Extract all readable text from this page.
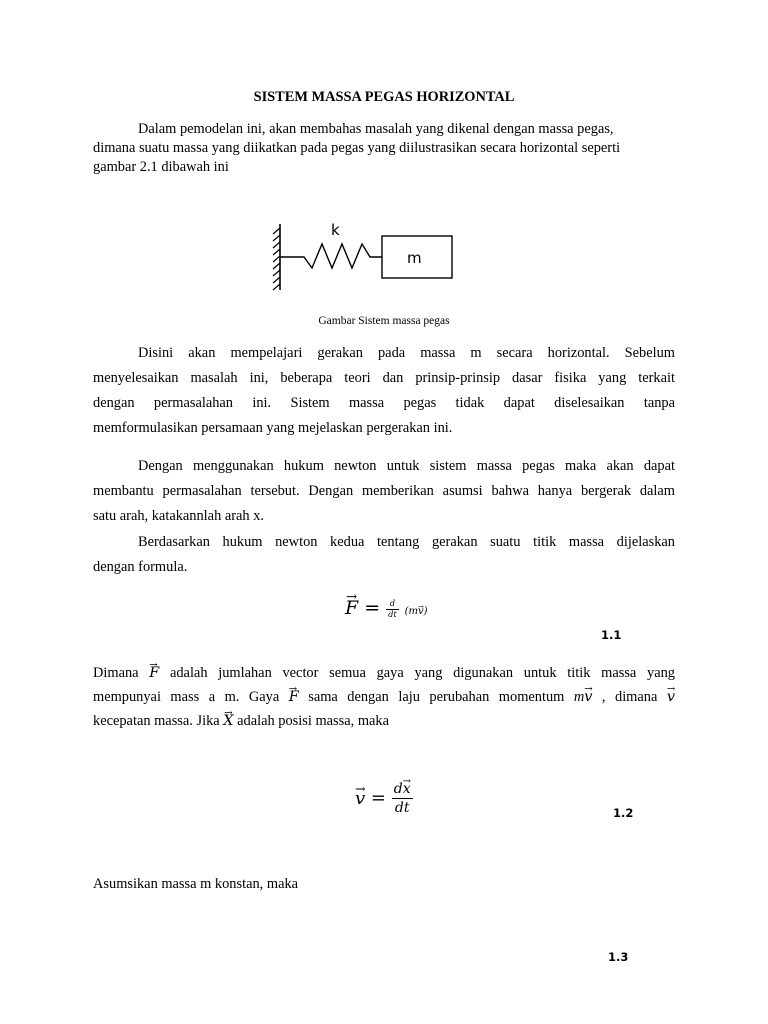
SISTEM MASSA PEGAS HORIZONTAL
Dalam pemodelan ini, akan membahas masalah yang dikenal dengan massa pegas,
dimana suatu massa yang diikatkan pada pegas yang diilustrasikan secara horizontal seperti
gambar 2.1 dibawah ini
k
m
Gambar Sistem massa pegas
Disini akan mempelajari gerakan pada massa m secara horizontal. Sebelum
menyelesaikan masalah ini, beberapa teori dan prinsip-prinsip dasar fisika yang terkait
dengan permasalahan ini. Sistem massa pegas tidak dapat diselesaikan tanpa
memformulasikan persamaan yang mejelaskan pergerakan ini.
Dengan menggunakan hukum newton untuk sistem massa pegas maka akan dapat
membantu permasalahan tersebut. Dengan memberikan asumsi bahwa hanya bergerak dalam
satu arah, katakannlah arah x.
Berdasarkan hukum newton kedua tentang gerakan suatu titik massa dijelaskan
dengan formula.
→ $F = \frac{d}{dt} (m\to v)$
1.1
Dimana → F adalah jumlahan vector semua gaya yang digunakan untuk titik massa yang
mempunyai mass a m. Gaya → F sama dengan laju perubahan momentum m→ v , dimana → v
kecepatan massa. Jika → X adalah posisi massa, maka
→ $v = \frac{d\to x}{dt}$	1.2
Asumsikan massa m konstan, maka
1.3
